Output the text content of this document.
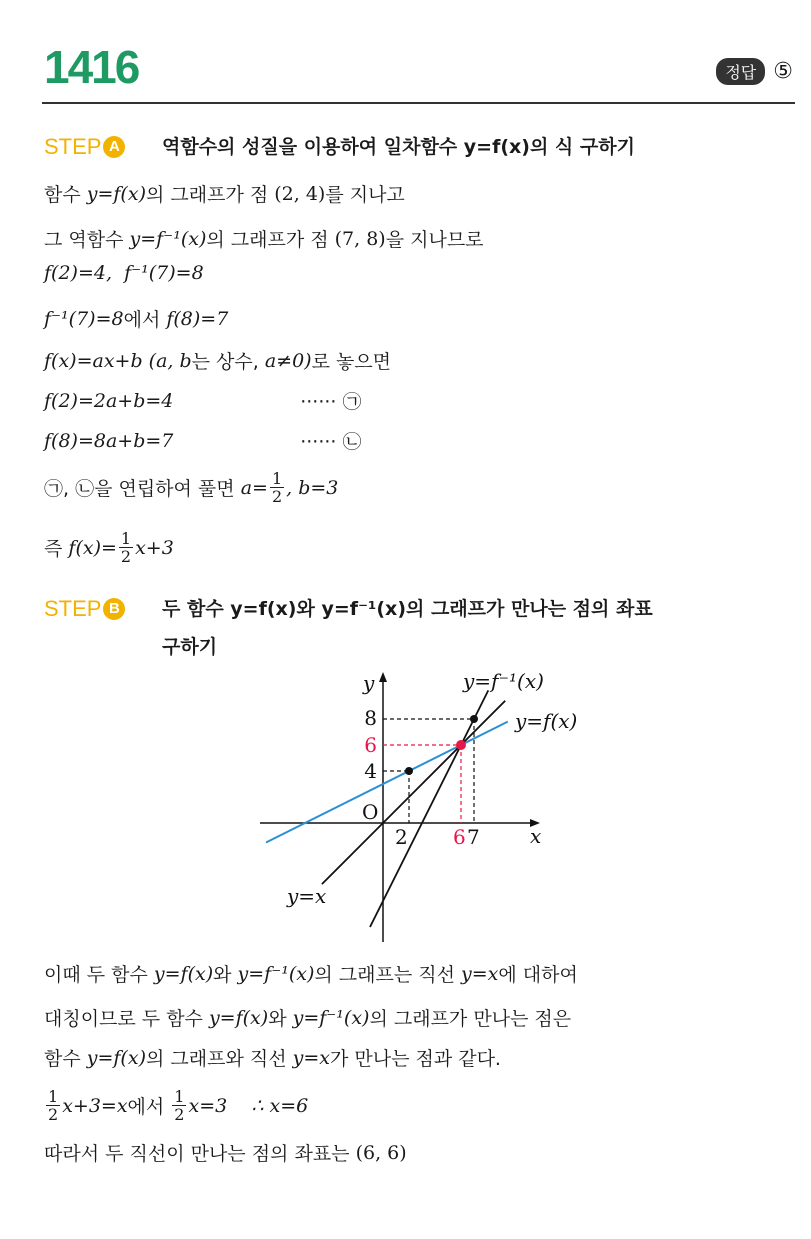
1416	정답 ⑤
STEP A 역함수의 성질을 이용하여 일차함수 y=f(x)의 식 구하기
함수 y=f(x) 의 그래프가 점 (2, 4) 를 지나고
그 역함수 y=f⁻¹(x) 의 그래프가 점 (7, 8) 을 지나므로
f(2)=4,  f⁻¹(7)=8
f⁻¹(7)=8 에서 f(8)=7
f(x)=ax+b (a, b 는 상수, a≠0) 로 놓으면
f(2)=2a+b=4 ······ ㉠
f(8)=8a+b=7 ······ ㉡
㉠, ㉡을 연립하여 풀면 $a= \frac{1}{2}$ , b=3
즉 $f(x)= \frac{1}{2} x+3$
STEP B 두 함수 y=f(x)와 y=f⁻¹(x)의 그래프가 만나는 점의 좌표
구하기
y
x
O
2 6 7
4
6
8
y=f⁻¹(x)
y=f(x)
y=x
이때 두 함수 y=f(x) 와 y=f⁻¹(x) 의 그래프는 직선 y=x 에 대하여
대칭이므로 두 함수 y=f(x) 와 y=f⁻¹(x) 의 그래프가 만나는 점은
함수 y=f(x) 의 그래프와 직선 y=x 가 만나는 점과 같다.
$\frac{1}{2} x+3=x$ 에서 $\frac{1}{2} x=3$    ∴ x=6
따라서 두 직선이 만나는 점의 좌표는 (6, 6)
